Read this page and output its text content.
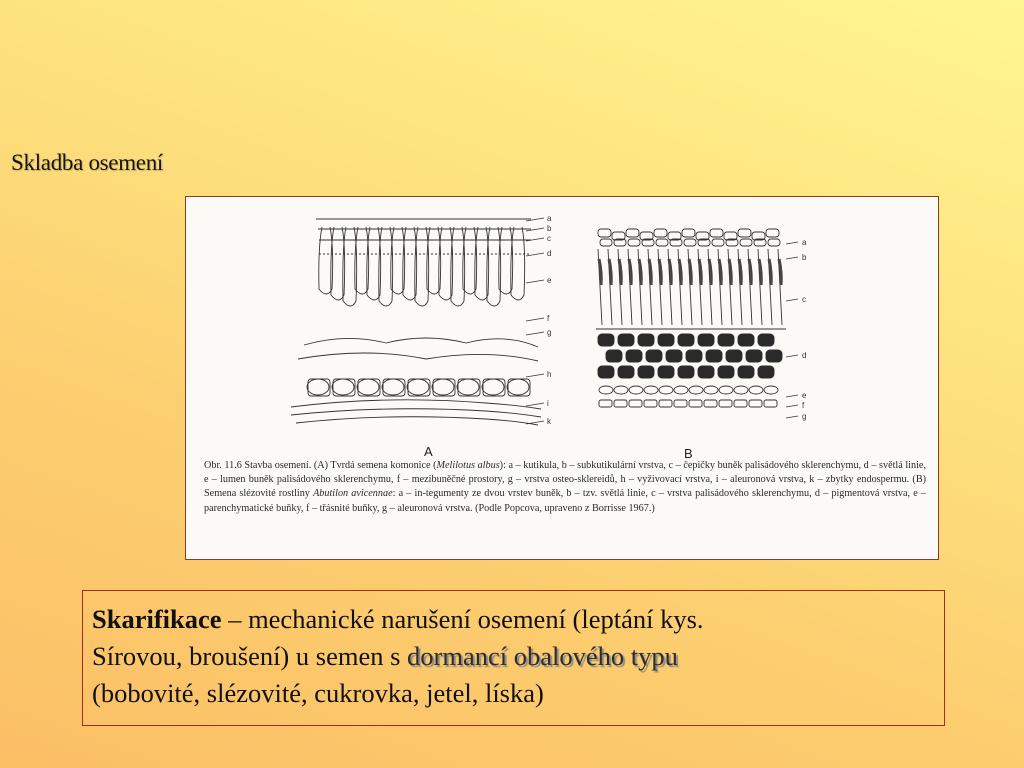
Skladba osemení
a
b
c
d
e
f
g
h
i
k
a
b
c
d
e
f
g
A	B
Obr. 11.6 Stavba osemení. (A) Tvrdá semena komonice (Melilotus albus): a – kutikula, b – subkutikulární vrstva, c – čepičky buněk palisádového sklerenchymu, d – světlá linie, e – lumen buněk palisádového sklerenchymu, f – mezibuněčné prostory, g – vrstva osteo-sklereidů, h – vyživovací vrstva, i – aleuronová vrstva, k – zbytky endospermu. (B) Semena slézovité rostliny Abutilon avicennae: a – in-tegumenty ze dvou vrstev buněk, b – tzv. světlá linie, c – vrstva palisádového sklerenchymu, d – pigmentová vrstva, e – parenchymatické buňky, f – třásnité buňky, g – aleuronová vrstva. (Podle Popcova, upraveno z Borrisse 1967.)
Skarifikace – mechanické narušení osemení (leptání kys.
Sírovou, broušení) u semen s dormancí obalového typu
(bobovité, slézovité, cukrovka, jetel, líska)
